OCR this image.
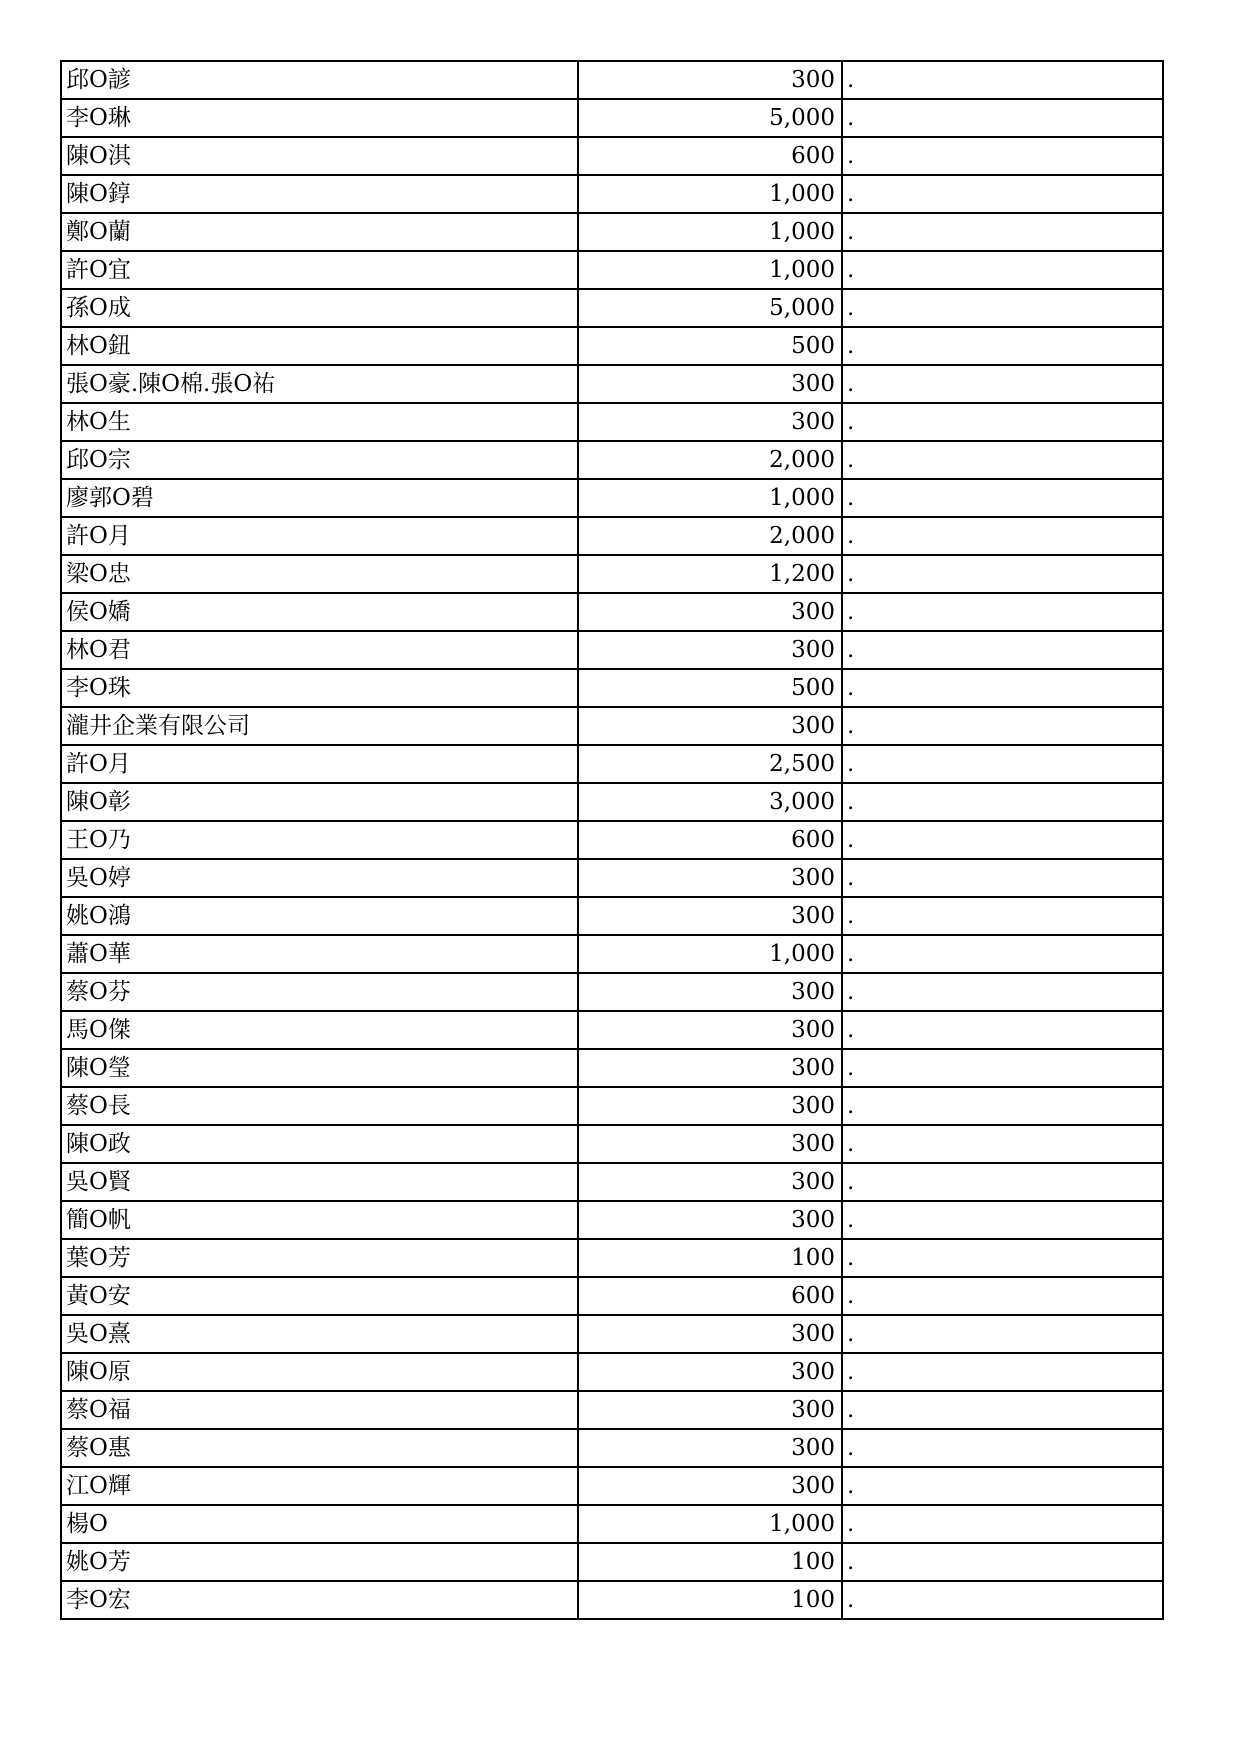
邱O諺	300	.
李O琳	5,000	.
陳O淇	600	.
陳O錞	1,000	.
鄭O蘭	1,000	.
許O宜	1,000	.
孫O成	5,000	.
林O鈕	500	.
張O豪.陳O棉.張O祐	300	.
林O生	300	.
邱O宗	2,000	.
廖郭O碧	1,000	.
許O月	2,000	.
梁O忠	1,200	.
侯O嬌	300	.
林O君	300	.
李O珠	500	.
瀧井企業有限公司	300	.
許O月	2,500	.
陳O彰	3,000	.
王O乃	600	.
吳O婷	300	.
姚O鴻	300	.
蕭O華	1,000	.
蔡O芬	300	.
馬O傑	300	.
陳O瑩	300	.
蔡O長	300	.
陳O政	300	.
吳O賢	300	.
簡O帆	300	.
葉O芳	100	.
黃O安	600	.
吳O熹	300	.
陳O原	300	.
蔡O福	300	.
蔡O惠	300	.
江O輝	300	.
楊O	1,000	.
姚O芳	100	.
李O宏	100	.
